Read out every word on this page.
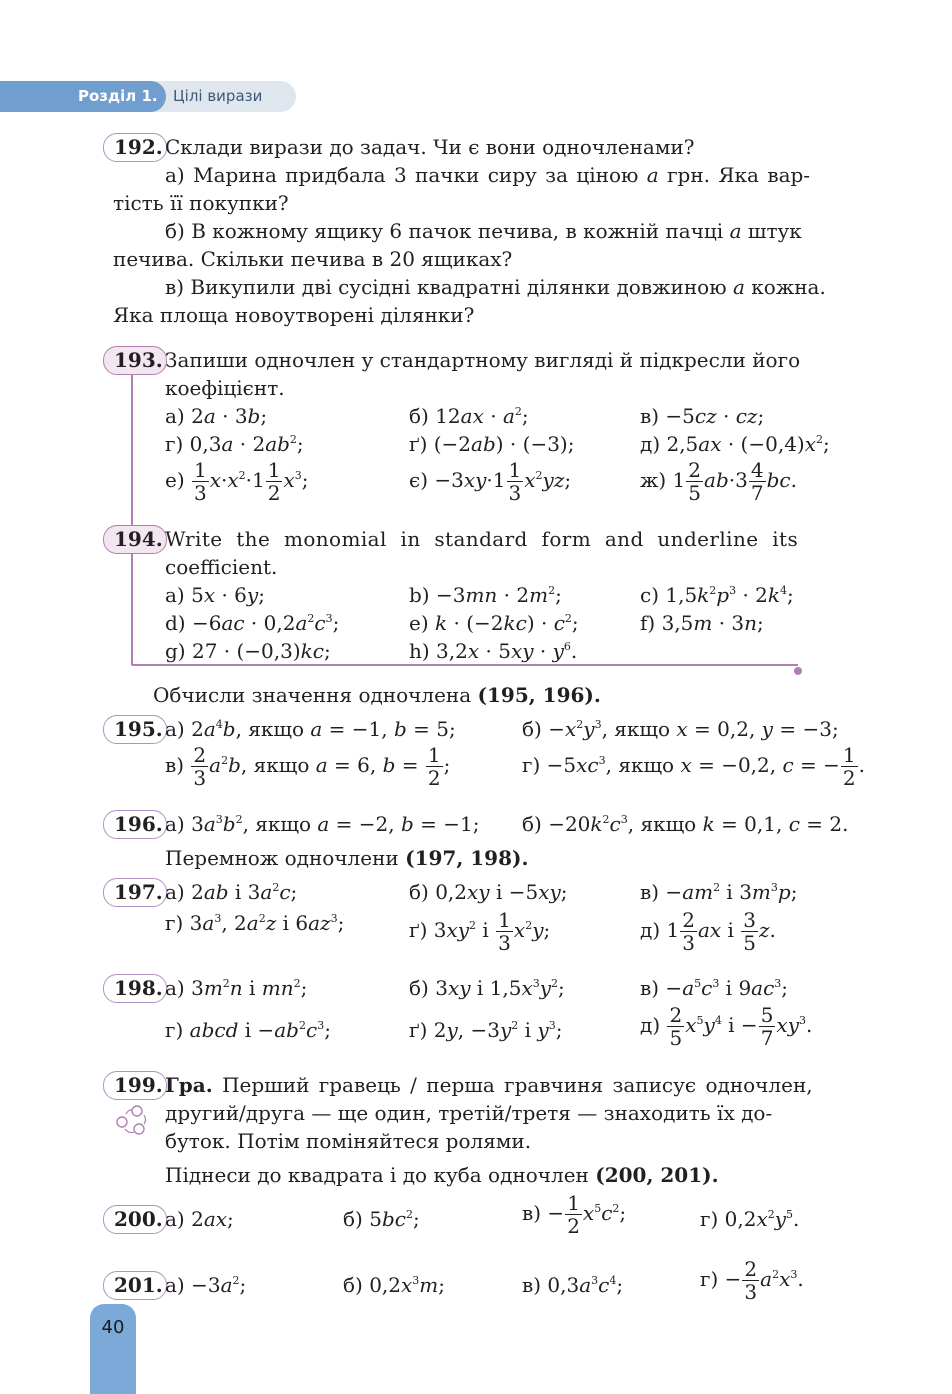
Розділ 1. Цілі вирази
192. Склади вирази до задач. Чи є вони одночленами?
а) Марина придбала 3 пачки сиру за ціною a грн. Яка вар-
тість її покупки?
б) В кожному ящику 6 пачок печива, в кожній пачці a штук
печива. Скільки печива в 20 ящиках?
в) Викупили дві сусідні квадратні ділянки довжиною a кожна.
Яка площа новоутворені ділянки?
193. Запиши одночлен у стандартному вигляді й підкресли його
коефіцієнт.
а) 2a · 3b;	б) $12ax \cdot a^2$;	в) −5cz · cz;
г) $0,3a \cdot 2ab^2$;	ґ) (−2ab) · (−3);	д) $2,5ax \cdot (-0,4)x^2$;
$е) \frac{1}{3} x\cdot x^2\cdot 1 \frac{1}{2} x^3$;	$є) -3xy\cdot 1 \frac{1}{3} x^2yz$;	ж) $1 \frac{2}{5} ab\cdot 3 \frac{4}{7}$ bc.
194. Write the monomial in standard form and underline its
coefficient.
a) 5x · 6y;	$b) -3mn \cdot 2m^2$;	c) $1,5k^2p^3 \cdot 2k^4$;
$d) -6ac \cdot 0,2a^2c^3$;	e) $k \cdot (-2kc) \cdot c^2$;	f) 3,5m · 3n;
g) 27 · (−0,3)kc;	h) $3,2x \cdot 5xy \cdot y^6$.
Обчисли значення одночлена (195, 196).
195. а) $2a^4b$, якщо a = −1, b = 5;	$б) -x^2y^3$, якщо x = 0,2, y = −3;
$в) \frac{2}{3} a^2b$, якщо a = 6, $b = \frac{1}{2}$ ;	$г) -5xc^3$, якщо x = −0,2, c = − $\frac{1}{2}$ .
196. а) $3a^3b^2$, якщо a = −2, b = −1; $б) -20k^2c^3$, якщо k = 0,1, c = 2.
Перемнож одночлени (197, 198).
197. а) 2ab і $3a^2c$;	б) 0,2xy і −5xy;	$в) -am^2$ і $3m^3p$;
г) $3a^3$, $2a^2z$ і $6az^3$;	ґ) $3xy^2$ і $\frac{1}{3} x^2y$;	д) $1 \frac{2}{3}$ ax і $\frac{3}{5} z$.
198. а) $3m^2n$ і $mn^2$;	б) 3xy і $1,5x^3y^2$;	$в) -a^5c^3$ і $9ac^3$;
г) abcd $і -ab^2c^3$;	ґ) 2y, $-3y^2$ і $y^3$;	$д) \frac{2}{5} x^5y^4$ $і - \frac{5}{7} xy^3$.
199. Гра. Перший гравець / перша гравчиня записує одночлен,
другий/друга — ще один, третій/третя — знаходить їх до-
буток. Потім поміняйтеся ролями.
Піднеси до квадрата і до куба одночлен (200, 201).
200. а) 2ax;	б) $5bc^2$;	$в) - \frac{1}{2} x^5c^2$;	г) $0,2x^2y^5$.
201. $а) -3a^2$;	б) $0,2x^3m$;	в) $0,3a^3c^4$;	$г) - \frac{2}{3} a^2x^3$.
40
